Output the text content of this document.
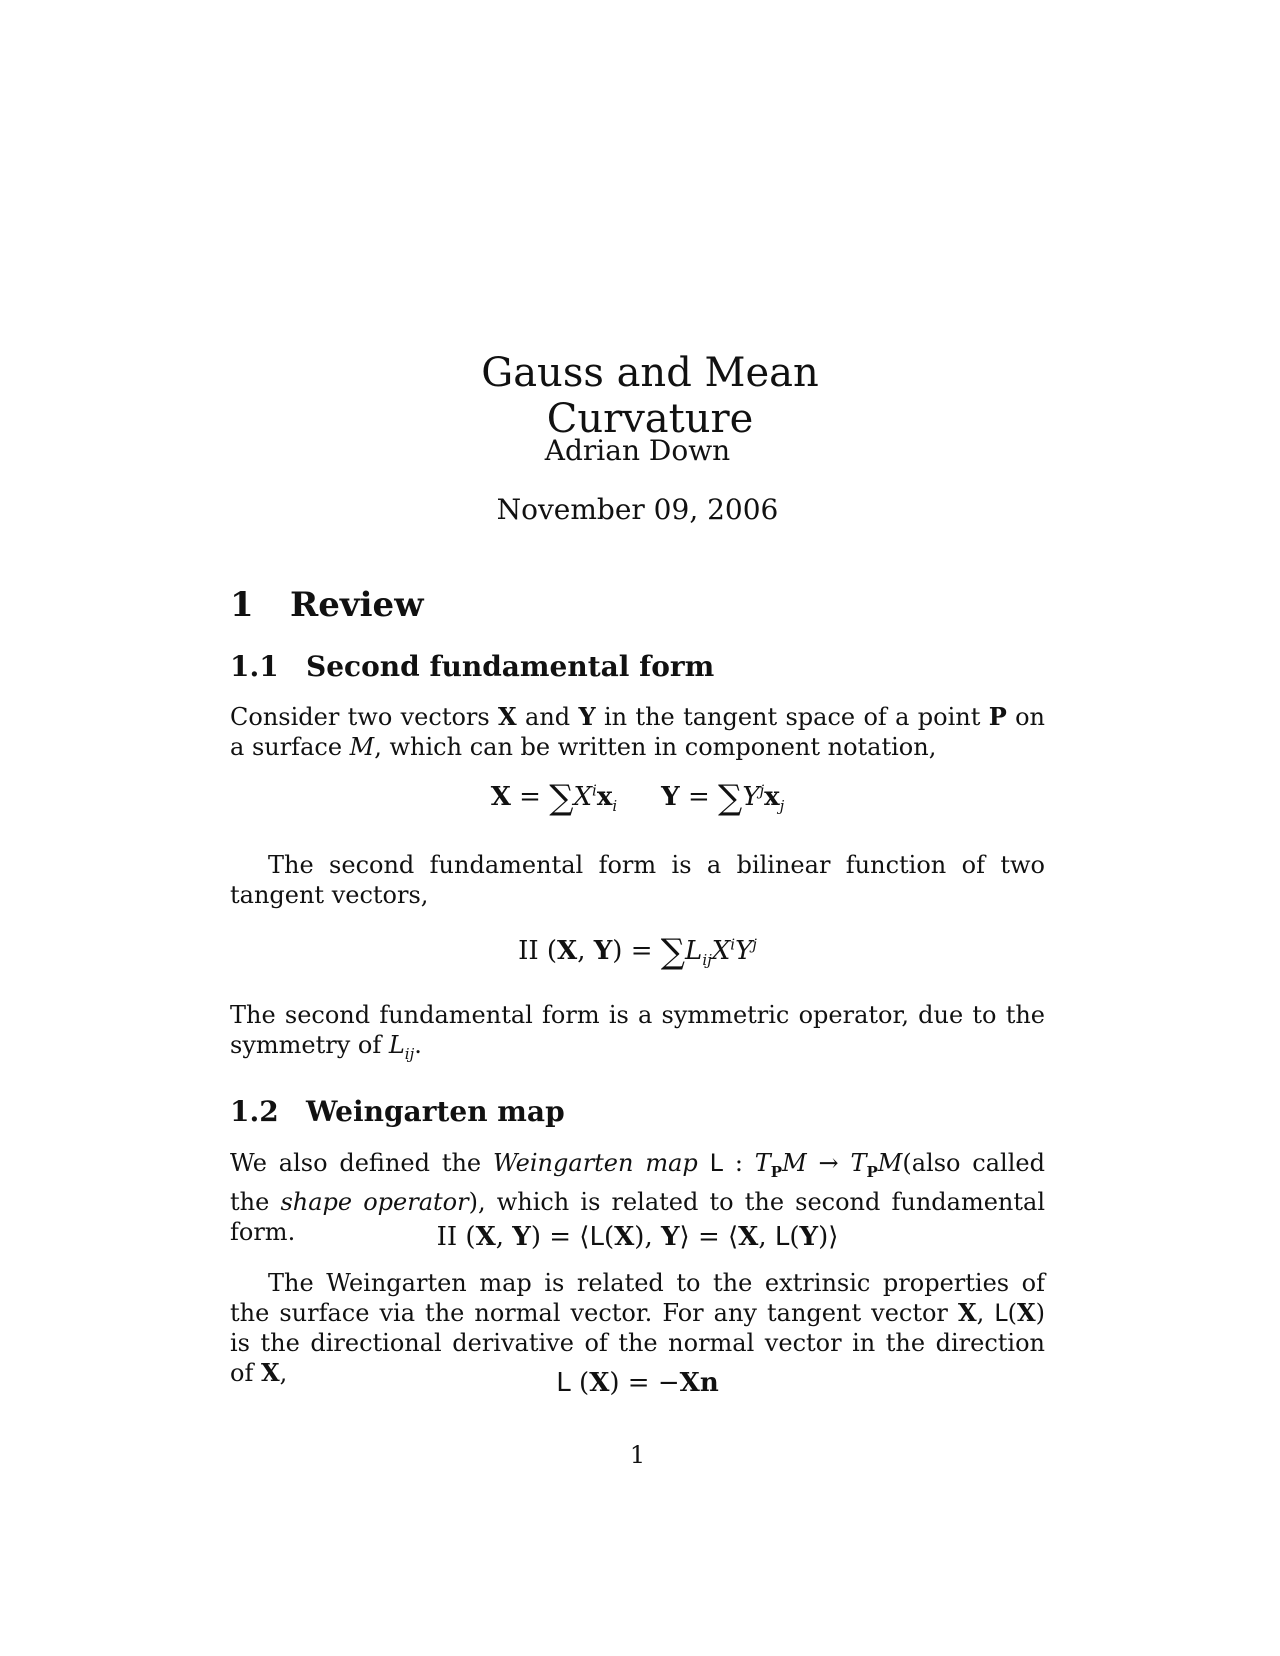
Gauss and Mean Curvature
Adrian Down
November 09, 2006
1 Review
1.1 Second fundamental form

Consider two vectors X and Y in the tangent space of a point P on a surface M, which can be written in component notation,

$X = \sum X^ix_i$ $Y = \sum Y^jx_j$

The second fundamental form is a bilinear function of two tangent vectors,

II (X, $Y) = \sum L_{ij}X^iY^j$

The second fundamental form is a symmetric operator, due to the symmetry of $L_{ij}$.

1.2 Weingarten map

We also defined the Weingarten map L : $T_PM$ → $T_PM(also$ called the shape operator), which is related to the second fundamental form.	II (X, Y) = ⟨L(X), Y⟩ = ⟨X, L(Y)⟩

The Weingarten map is related to the extrinsic properties of the surface via the normal vector. For any tangent vector X, L(X) is the directional derivative of the normal vector in the direction of X,	L (X) = −Xn
1
